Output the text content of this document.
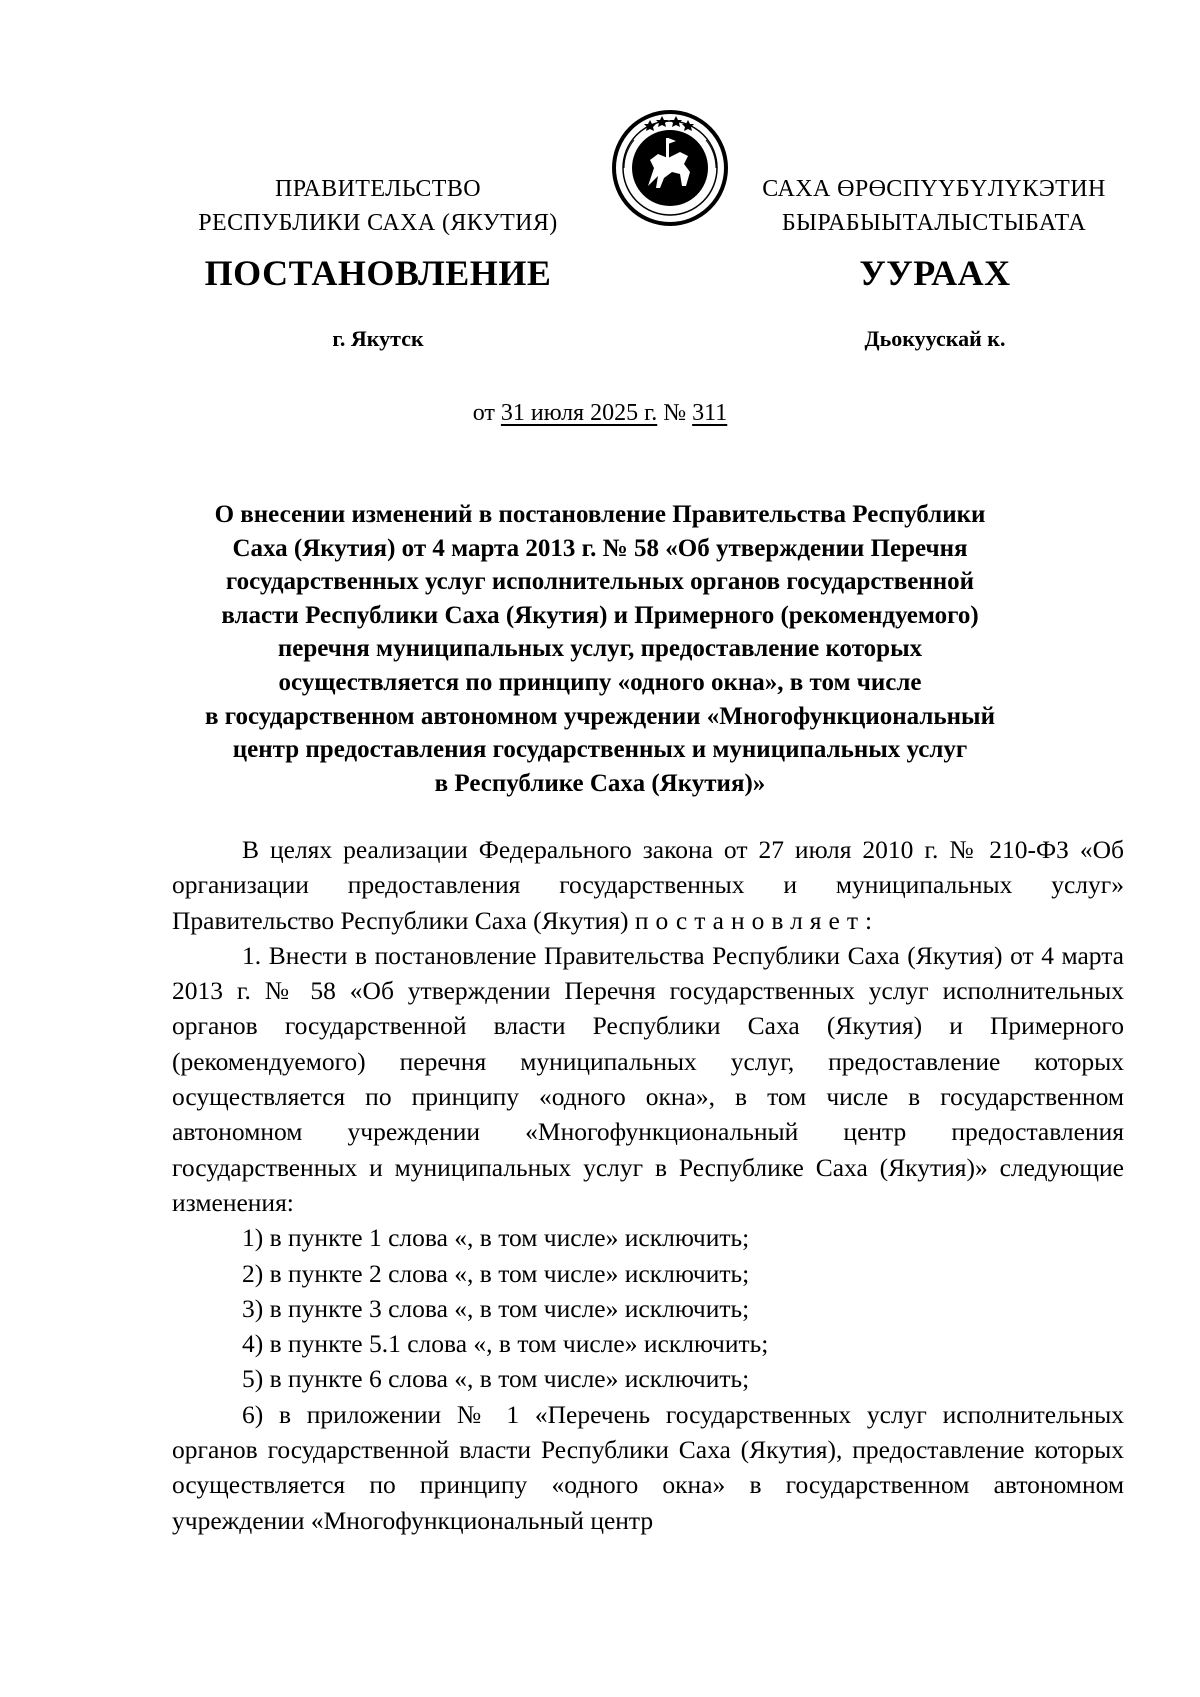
ПРАВИТЕЛЬСТВО
РЕСПУБЛИКИ САХА (ЯКУТИЯ)
САХА ӨРӨСПҮҮБҮЛҮКЭТИН
БЫРАБЫЫТАЛЫСТЫБАТА
ПОСТАНОВЛЕНИЕ	УУРААХ
г. Якутск	Дьокуускай к.
от 31 июля 2025 г. № 311
О внесении изменений в постановление Правительства Республики
Саха (Якутия) от 4 марта 2013 г. № 58 «Об утверждении Перечня
государственных услуг исполнительных органов государственной
власти Республики Саха (Якутия) и Примерного (рекомендуемого)
перечня муниципальных услуг, предоставление которых
осуществляется по принципу «одного окна», в том числе
в государственном автономном учреждении «Многофункциональный
центр предоставления государственных и муниципальных услуг
в Республике Саха (Якутия)»

В целях реализации Федерального закона от 27 июля 2010 г. № 210-ФЗ «Об организации предоставления государственных и муниципальных услуг» Правительство Республики Саха (Якутия) постановляет:

1. Внести в постановление Правительства Республики Саха (Якутия) от 4 марта 2013 г. № 58 «Об утверждении Перечня государственных услуг исполнительных органов государственной власти Республики Саха (Якутия) и Примерного (рекомендуемого) перечня муниципальных услуг, предоставление которых осуществляется по принципу «одного окна», в том числе в государственном автономном учреждении «Многофункциональный центр предоставления государственных и муниципальных услуг в Республике Саха (Якутия)» следующие изменения:

1) в пункте 1 слова «, в том числе» исключить;

2) в пункте 2 слова «, в том числе» исключить;

3) в пункте 3 слова «, в том числе» исключить;

4) в пункте 5.1 слова «, в том числе» исключить;

5) в пункте 6 слова «, в том числе» исключить;

6) в приложении № 1 «Перечень государственных услуг исполнительных органов государственной власти Республики Саха (Якутия), предоставление которых осуществляется по принципу «одного окна» в государственном автономном учреждении «Многофункциональный центр
